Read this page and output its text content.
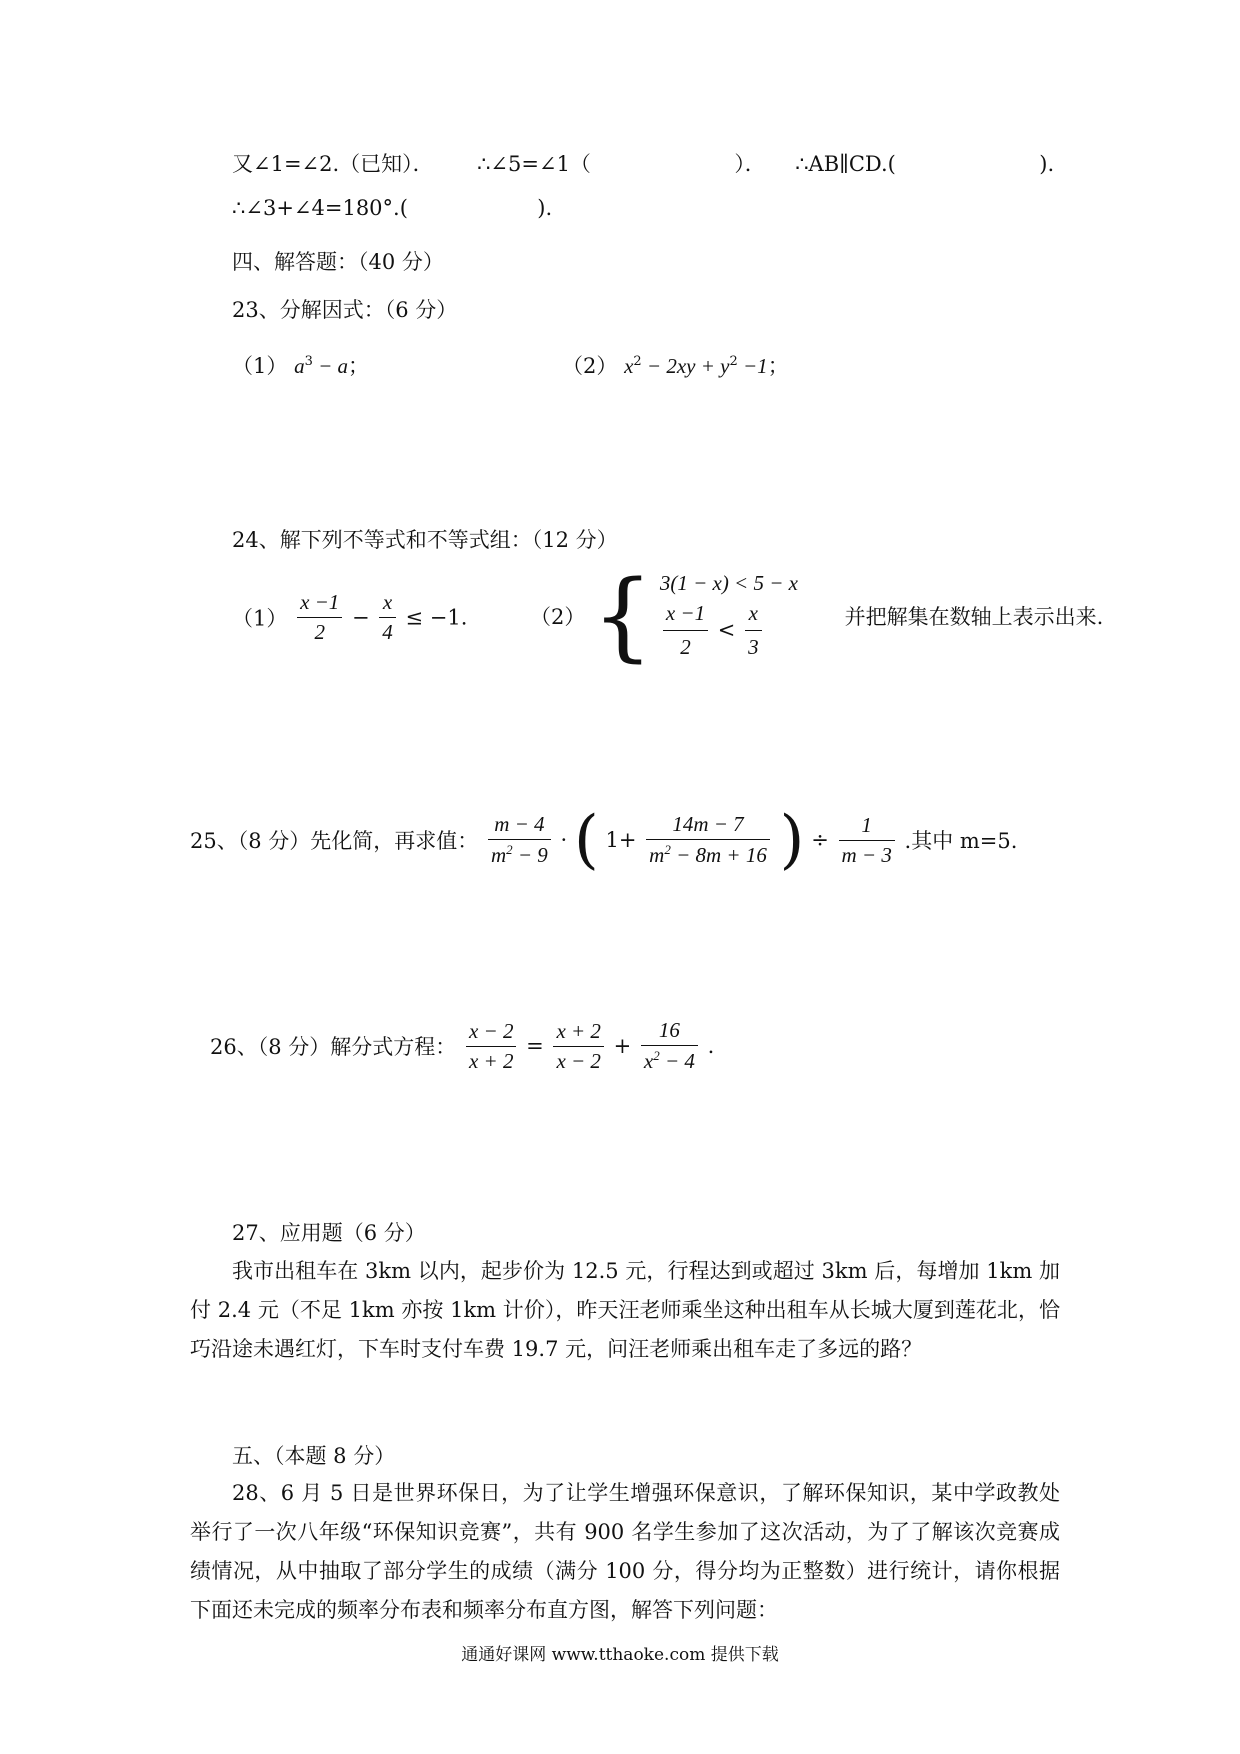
又∠1=∠2.（已知）． ∴∠5=∠1（	）． ∴AB∥CD.(	).
∴∠3+∠4=180°.(	).
四、解答题：（40 分）
23、分解因式：（6 分）
（1） $a^3 - a$；	（2） $x^2 - 2xy + y^2 -1$；
24、解下列不等式和不等式组：（12 分）
$(1) \frac{x -1}{2} - \frac{x}{4} \le -1$.	（2） { 3(1 − x) < 5 − x
$\frac{x -1}{2} < \frac{x}{3}$	并把解集在数轴上表示出来.
25、（8 分）先化简，再求值： $\frac{m - 4}{m^2 - 9}$ · ( $1+ \frac{14m - 7}{m^2 - 8m + 16}$ ) ÷ $\frac{1}{m - 3}$ .其中 m=5.
26、（8 分）解分式方程： $\frac{x - 2}{x + 2} = \frac{x + 2}{x - 2} + \frac{16}{x^2 - 4}$ .
27、应用题（6 分）
我市出租车在 3km 以内，起步价为 12.5 元，行程达到或超过 3km 后，每增加 1km 加付 2.4 元（不足 1km 亦按 1km 计价），昨天汪老师乘坐这种出租车从长城大厦到莲花北，恰巧沿途未遇红灯，下车时支付车费 19.7 元，问汪老师乘出租车走了多远的路？
五、（本题 8 分）
28、6 月 5 日是世界环保日，为了让学生增强环保意识，了解环保知识，某中学政教处举行了一次八年级“环保知识竞赛”，共有 900 名学生参加了这次活动，为了了解该次竞赛成绩情况，从中抽取了部分学生的成绩（满分 100 分，得分均为正整数）进行统计，请你根据下面还未完成的频率分布表和频率分布直方图，解答下列问题：
通通好课网 www.tthaoke.com 提供下载
